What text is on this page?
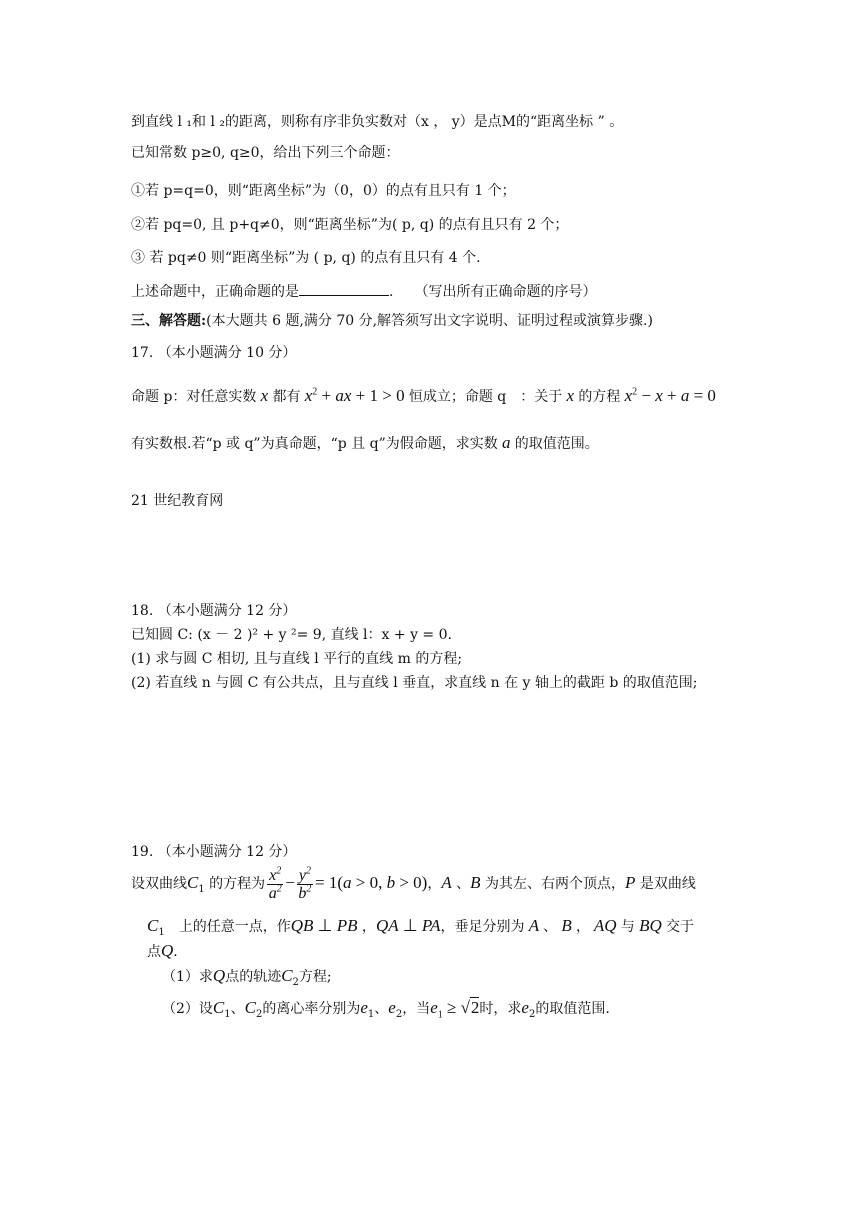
到直线 l ₁和 l ₂的距离，则称有序非负实数对（x ， y）是点M的“距离坐标 ” 。
已知常数 p≥0, q≥0，给出下列三个命题：
①若 p=q=0，则“距离坐标”为（0，0）的点有且只有 1 个；
②若 pq=0, 且 p+q≠0，则“距离坐标”为( p, q) 的点有且只有 2 个；
③ 若 pq≠0 则“距离坐标”为 ( p, q) 的点有且只有 4 个.
上述命题中，正确命题的是	.　　（写出所有正确命题的序号）
三、解答题:(本大题共 6 题,满分 70 分,解答须写出文字说明、证明过程或演算步骤.)
17. （本小题满分 10 分）
命题 p：对任意实数 x 都有 $x^2$ + ax + 1 > 0 恒成立；命题 q　：关于 x 的方程 $x^2 - x + a = 0$
有实数根.若“p 或 q”为真命题，“p 且 q”为假命题，求实数 a 的取值范围。
21 世纪教育网
18. （本小题满分 12 分）
已知圆 C: (x － 2 )² + y ²= 9, 直线 l：x + y = 0.
(1) 求与圆 C 相切, 且与直线 l 平行的直线 m 的方程;
(2) 若直线 n 与圆 C 有公共点，且与直线 l 垂直，求直线 n 在 y 轴上的截距 b 的取值范围;
19. （本小题满分 12 分）
设双曲线$C_1$ 的方程为 $\frac{x^2}{a^2} - \frac{y^2}{b^2} = 1(a > 0$, b > 0)，A 、B 为其左、右两个顶点，P 是双曲线
$C_1$　 上的任意一点，作QB ⊥ PB ，QA ⊥ PA，垂足分别为 A 、 B ， AQ 与 BQ 交于
点Q.
（1）求Q点的轨迹$C_2$方程;
（2）设$C_1$、$C_2$的离心率分别为$e_1$、$e_2$，当$e_1 \ge √2$时，求$e_2$的取值范围.
